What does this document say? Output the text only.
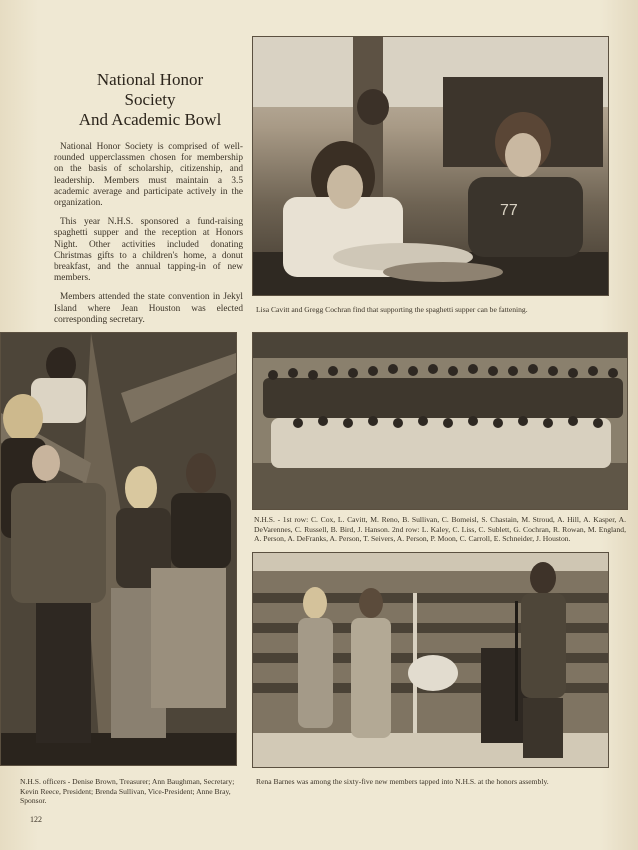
National Honor
Society
And Academic Bowl

National Honor Society is comprised of well-rounded upperclassmen chosen for membership on the basis of scholarship, citizenship, and leadership. Members must maintain a 3.5 academic average and participate actively in the organization.

This year N.H.S. sponsored a fund-raising spaghetti supper and the reception at Honors Night. Other activities included donating Christmas gifts to a children's home, a donut breakfast, and the annual tapping-in of new members.

Members attended the state convention in Jekyl Island where Jean Houston was elected corresponding secretary.

77
Lisa Cavitt and Gregg Cochran find that supporting the spaghetti supper can be fattening.
N.H.S. - 1st row: C. Cox, L. Cavitt, M. Reno, B. Sullivan, C. Bomeisl, S. Chastain, M. Stroud, A. Hill, A. Kasper, A. DeVarennes, C. Russell, B. Bird, J. Hanson. 2nd row: L. Kaley, C. Liss, C. Sublett, G. Cochran, R. Rowan, M. England, A. Person, A. DeFranks, A. Person, T. Seivers, A. Person, P. Moon, C. Carroll, E. Schneider, J. Houston.
N.H.S. officers - Denise Brown, Treasurer; Ann Baughman, Secretary; Kevin Reece, President; Brenda Sullivan, Vice-President; Anne Bray, Sponsor.
Rena Barnes was among the sixty-five new members tapped into N.H.S. at the honors assembly.
122
